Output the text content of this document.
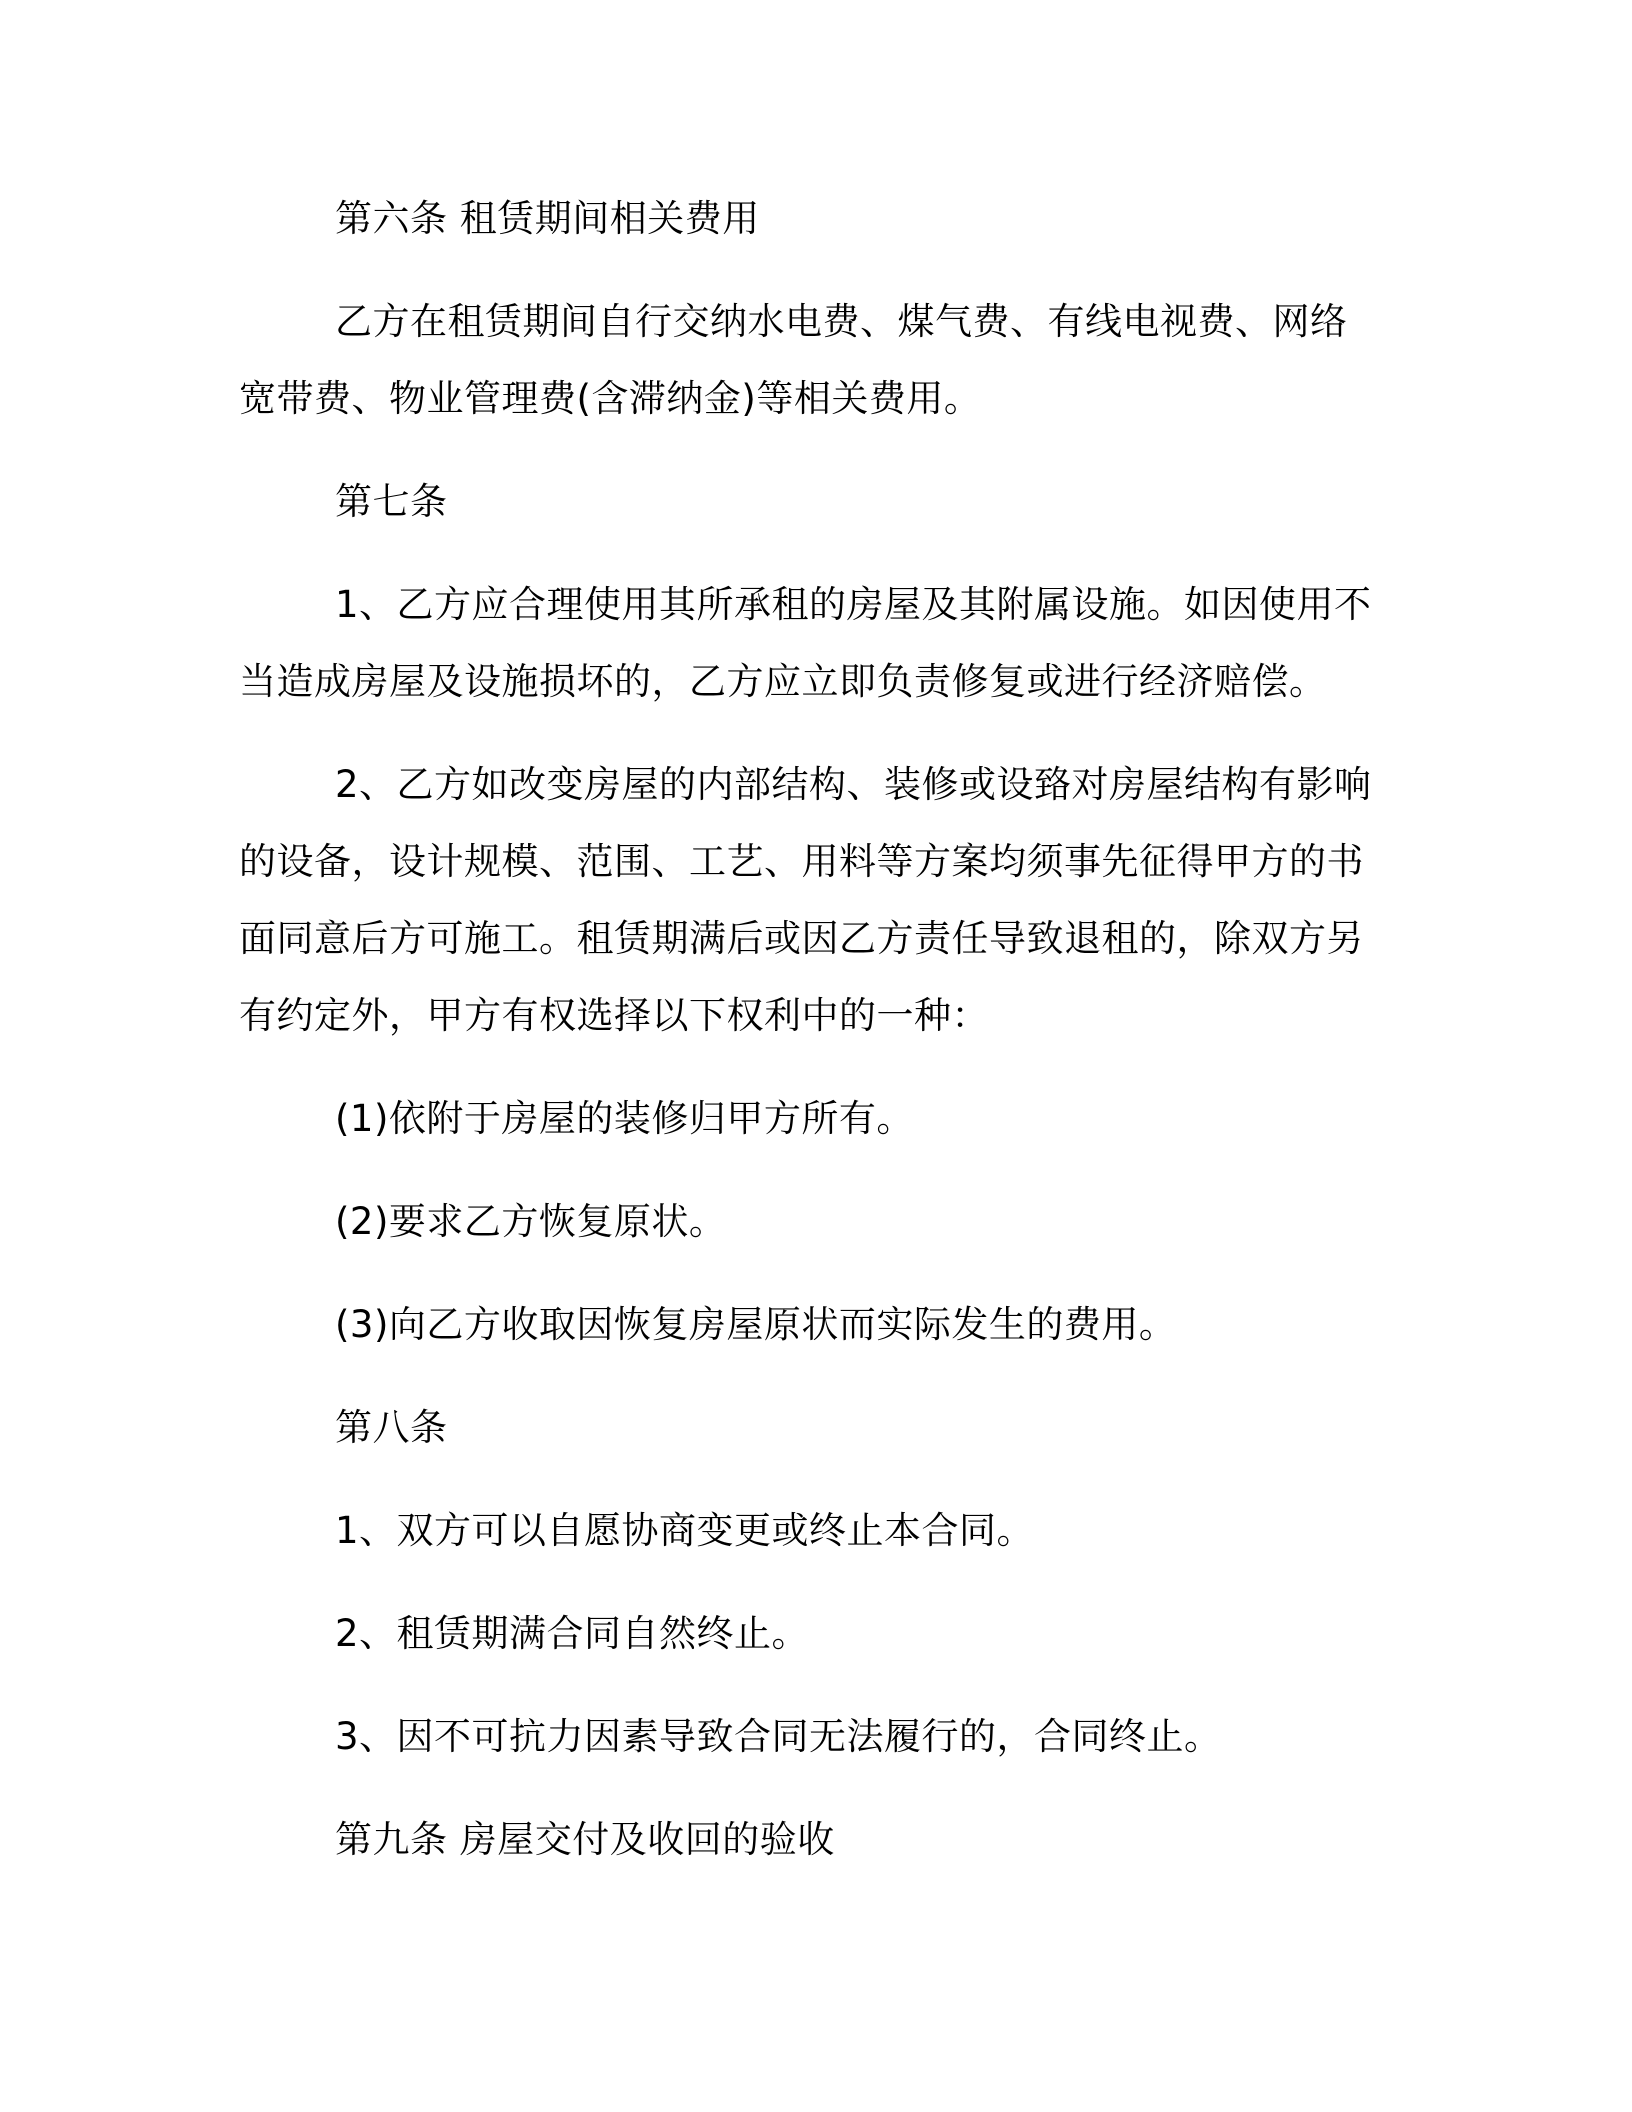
第六条 租赁期间相关费用

乙方在租赁期间自行交纳水电费、煤气费、有线电视费、网络宽带费、物业管理费(含滞纳金)等相关费用。

第七条

1、乙方应合理使用其所承租的房屋及其附属设施。如因使用不当造成房屋及设施损坏的，乙方应立即负责修复或进行经济赔偿。

2、乙方如改变房屋的内部结构、装修或设臵对房屋结构有影响的设备，设计规模、范围、工艺、用料等方案均须事先征得甲方的书面同意后方可施工。租赁期满后或因乙方责任导致退租的，除双方另有约定外，甲方有权选择以下权利中的一种：

(1)依附于房屋的装修归甲方所有。

(2)要求乙方恢复原状。

(3)向乙方收取因恢复房屋原状而实际发生的费用。

第八条

1、双方可以自愿协商变更或终止本合同。

2、租赁期满合同自然终止。

3、因不可抗力因素导致合同无法履行的，合同终止。

第九条 房屋交付及收回的验收
